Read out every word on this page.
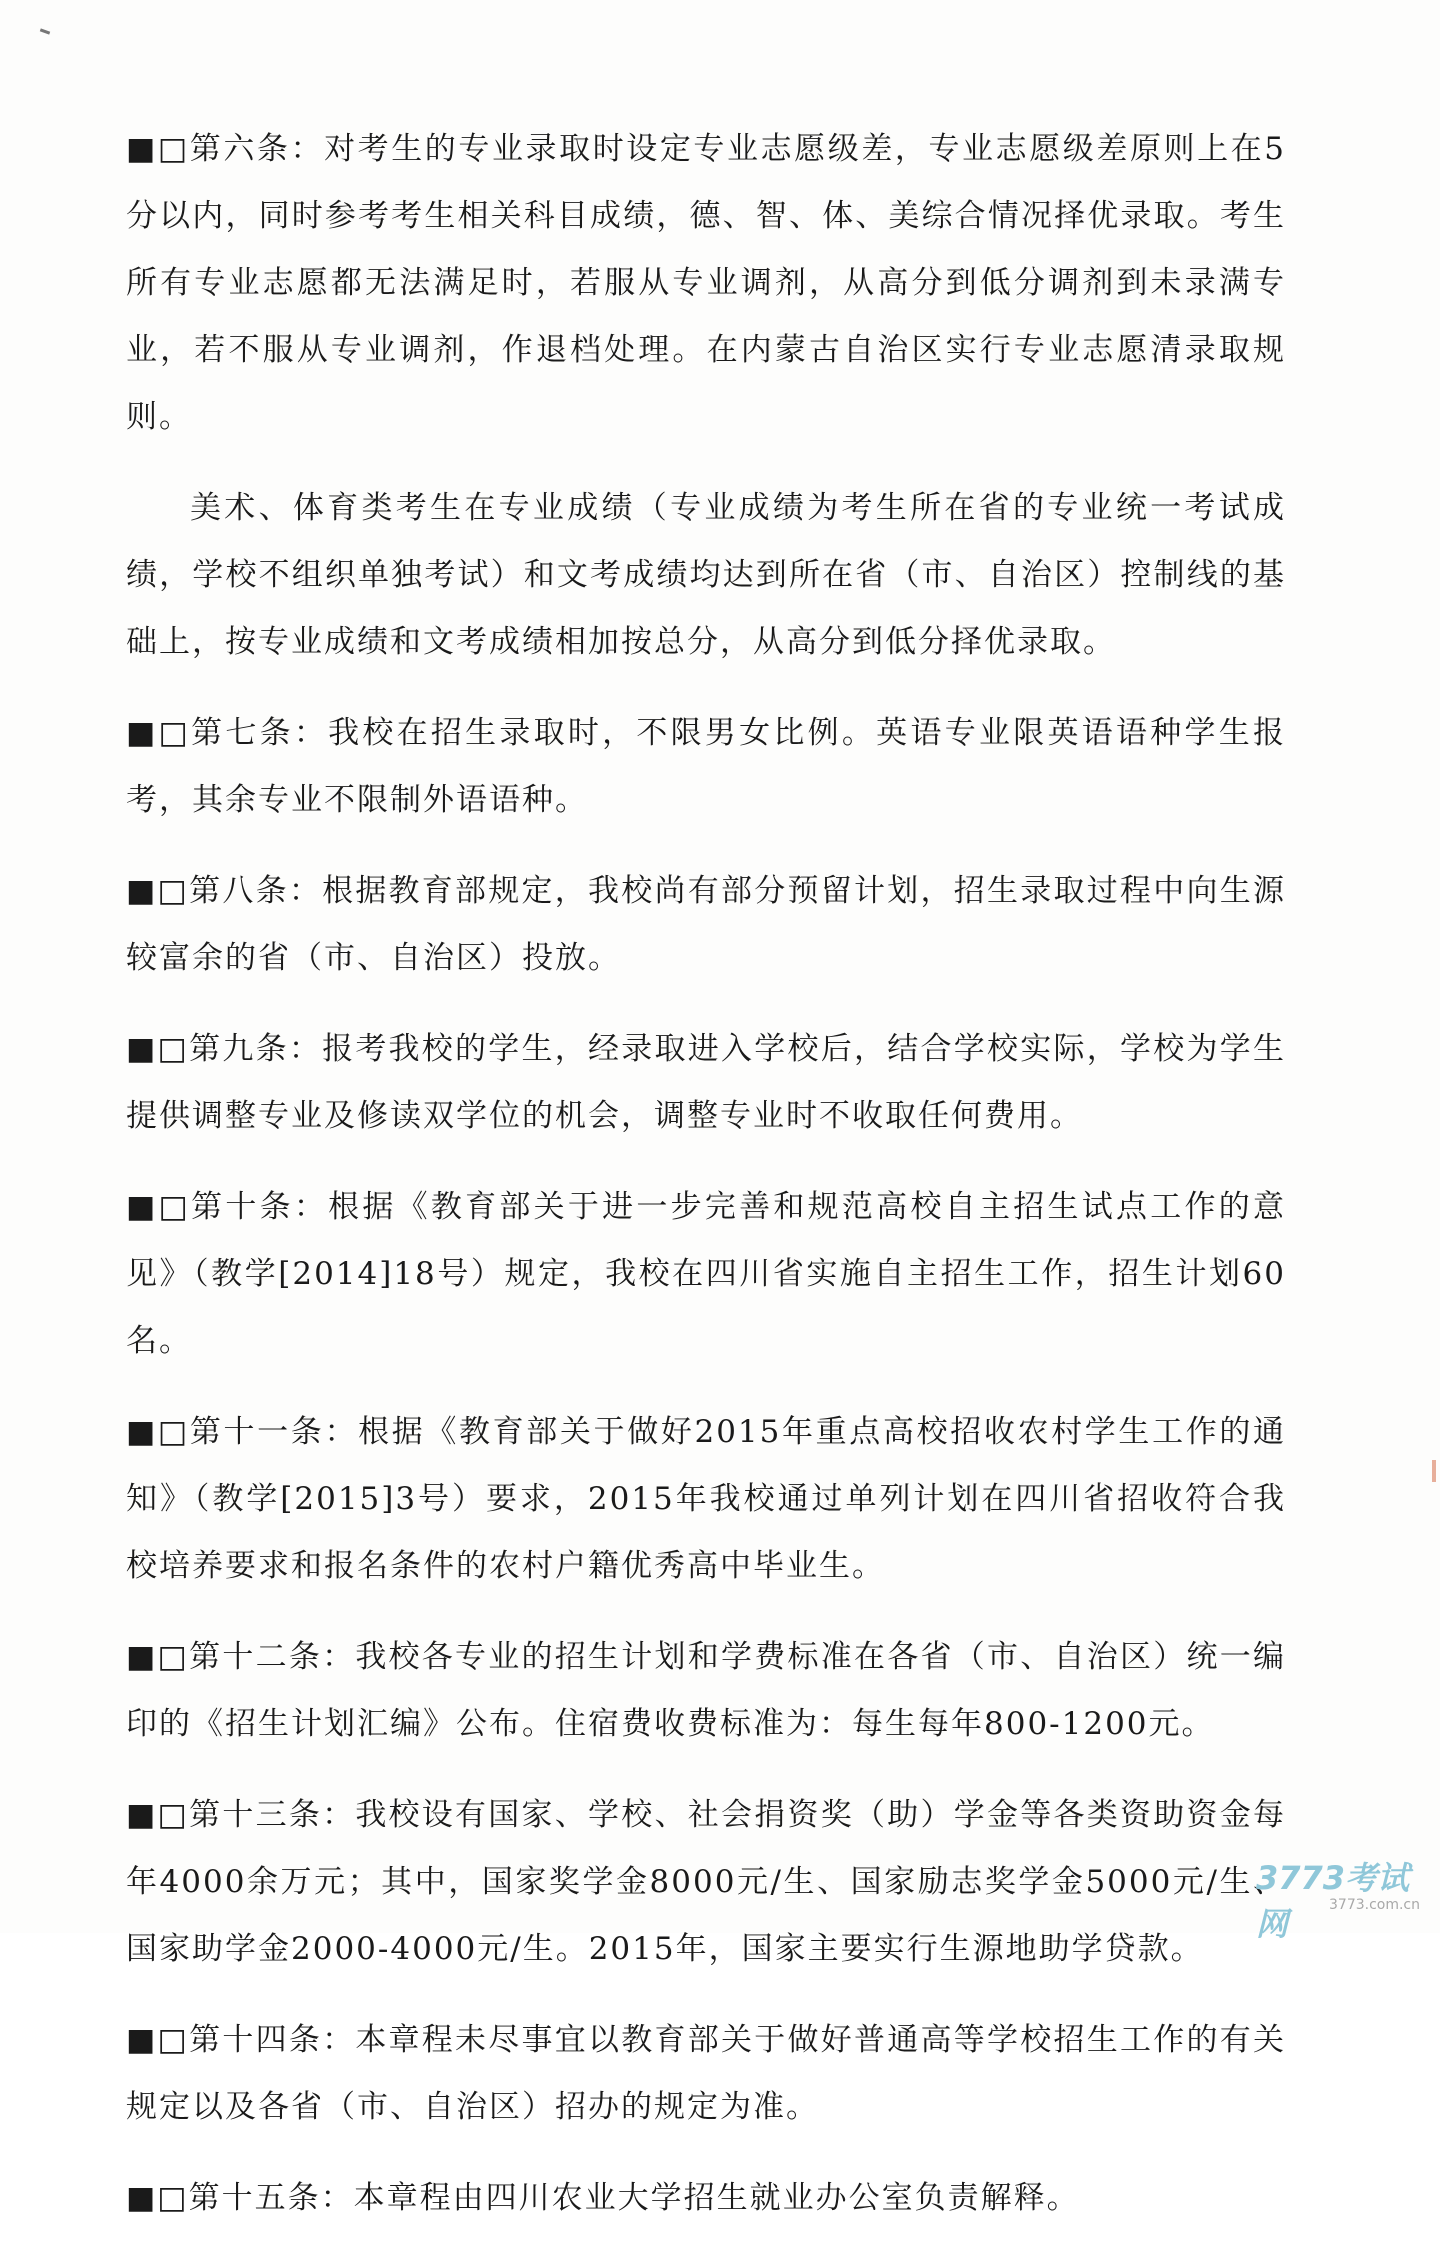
■□第六条：对考生的专业录取时设定专业志愿级差，专业志愿级差原则上在5分以内，同时参考考生相关科目成绩，德、智、体、美综合情况择优录取。考生所有专业志愿都无法满足时，若服从专业调剂，从高分到低分调剂到未录满专业，若不服从专业调剂，作退档处理。在内蒙古自治区实行专业志愿清录取规则。

美术、体育类考生在专业成绩（专业成绩为考生所在省的专业统一考试成绩，学校不组织单独考试）和文考成绩均达到所在省（市、自治区）控制线的基础上，按专业成绩和文考成绩相加按总分，从高分到低分择优录取。

■□第七条：我校在招生录取时，不限男女比例。英语专业限英语语种学生报考，其余专业不限制外语语种。

■□第八条：根据教育部规定，我校尚有部分预留计划，招生录取过程中向生源较富余的省（市、自治区）投放。

■□第九条：报考我校的学生，经录取进入学校后，结合学校实际，学校为学生提供调整专业及修读双学位的机会，调整专业时不收取任何费用。

■□第十条：根据《教育部关于进一步完善和规范高校自主招生试点工作的意见》（教学[2014]18号）规定，我校在四川省实施自主招生工作，招生计划60名。

■□第十一条：根据《教育部关于做好2015年重点高校招收农村学生工作的通知》（教学[2015]3号）要求，2015年我校通过单列计划在四川省招收符合我校培养要求和报名条件的农村户籍优秀高中毕业生。

■□第十二条：我校各专业的招生计划和学费标准在各省（市、自治区）统一编印的《招生计划汇编》公布。住宿费收费标准为：每生每年800-1200元。

■□第十三条：我校设有国家、学校、社会捐资奖（助）学金等各类资助资金每年4000余万元；其中，国家奖学金8000元/生、国家励志奖学金5000元/生、国家助学金2000-4000元/生。2015年，国家主要实行生源地助学贷款。

■□第十四条：本章程未尽事宜以教育部关于做好普通高等学校招生工作的有关规定以及各省（市、自治区）招办的规定为准。

■□第十五条：本章程由四川农业大学招生就业办公室负责解释。

3773考试网	3773.com.cn
